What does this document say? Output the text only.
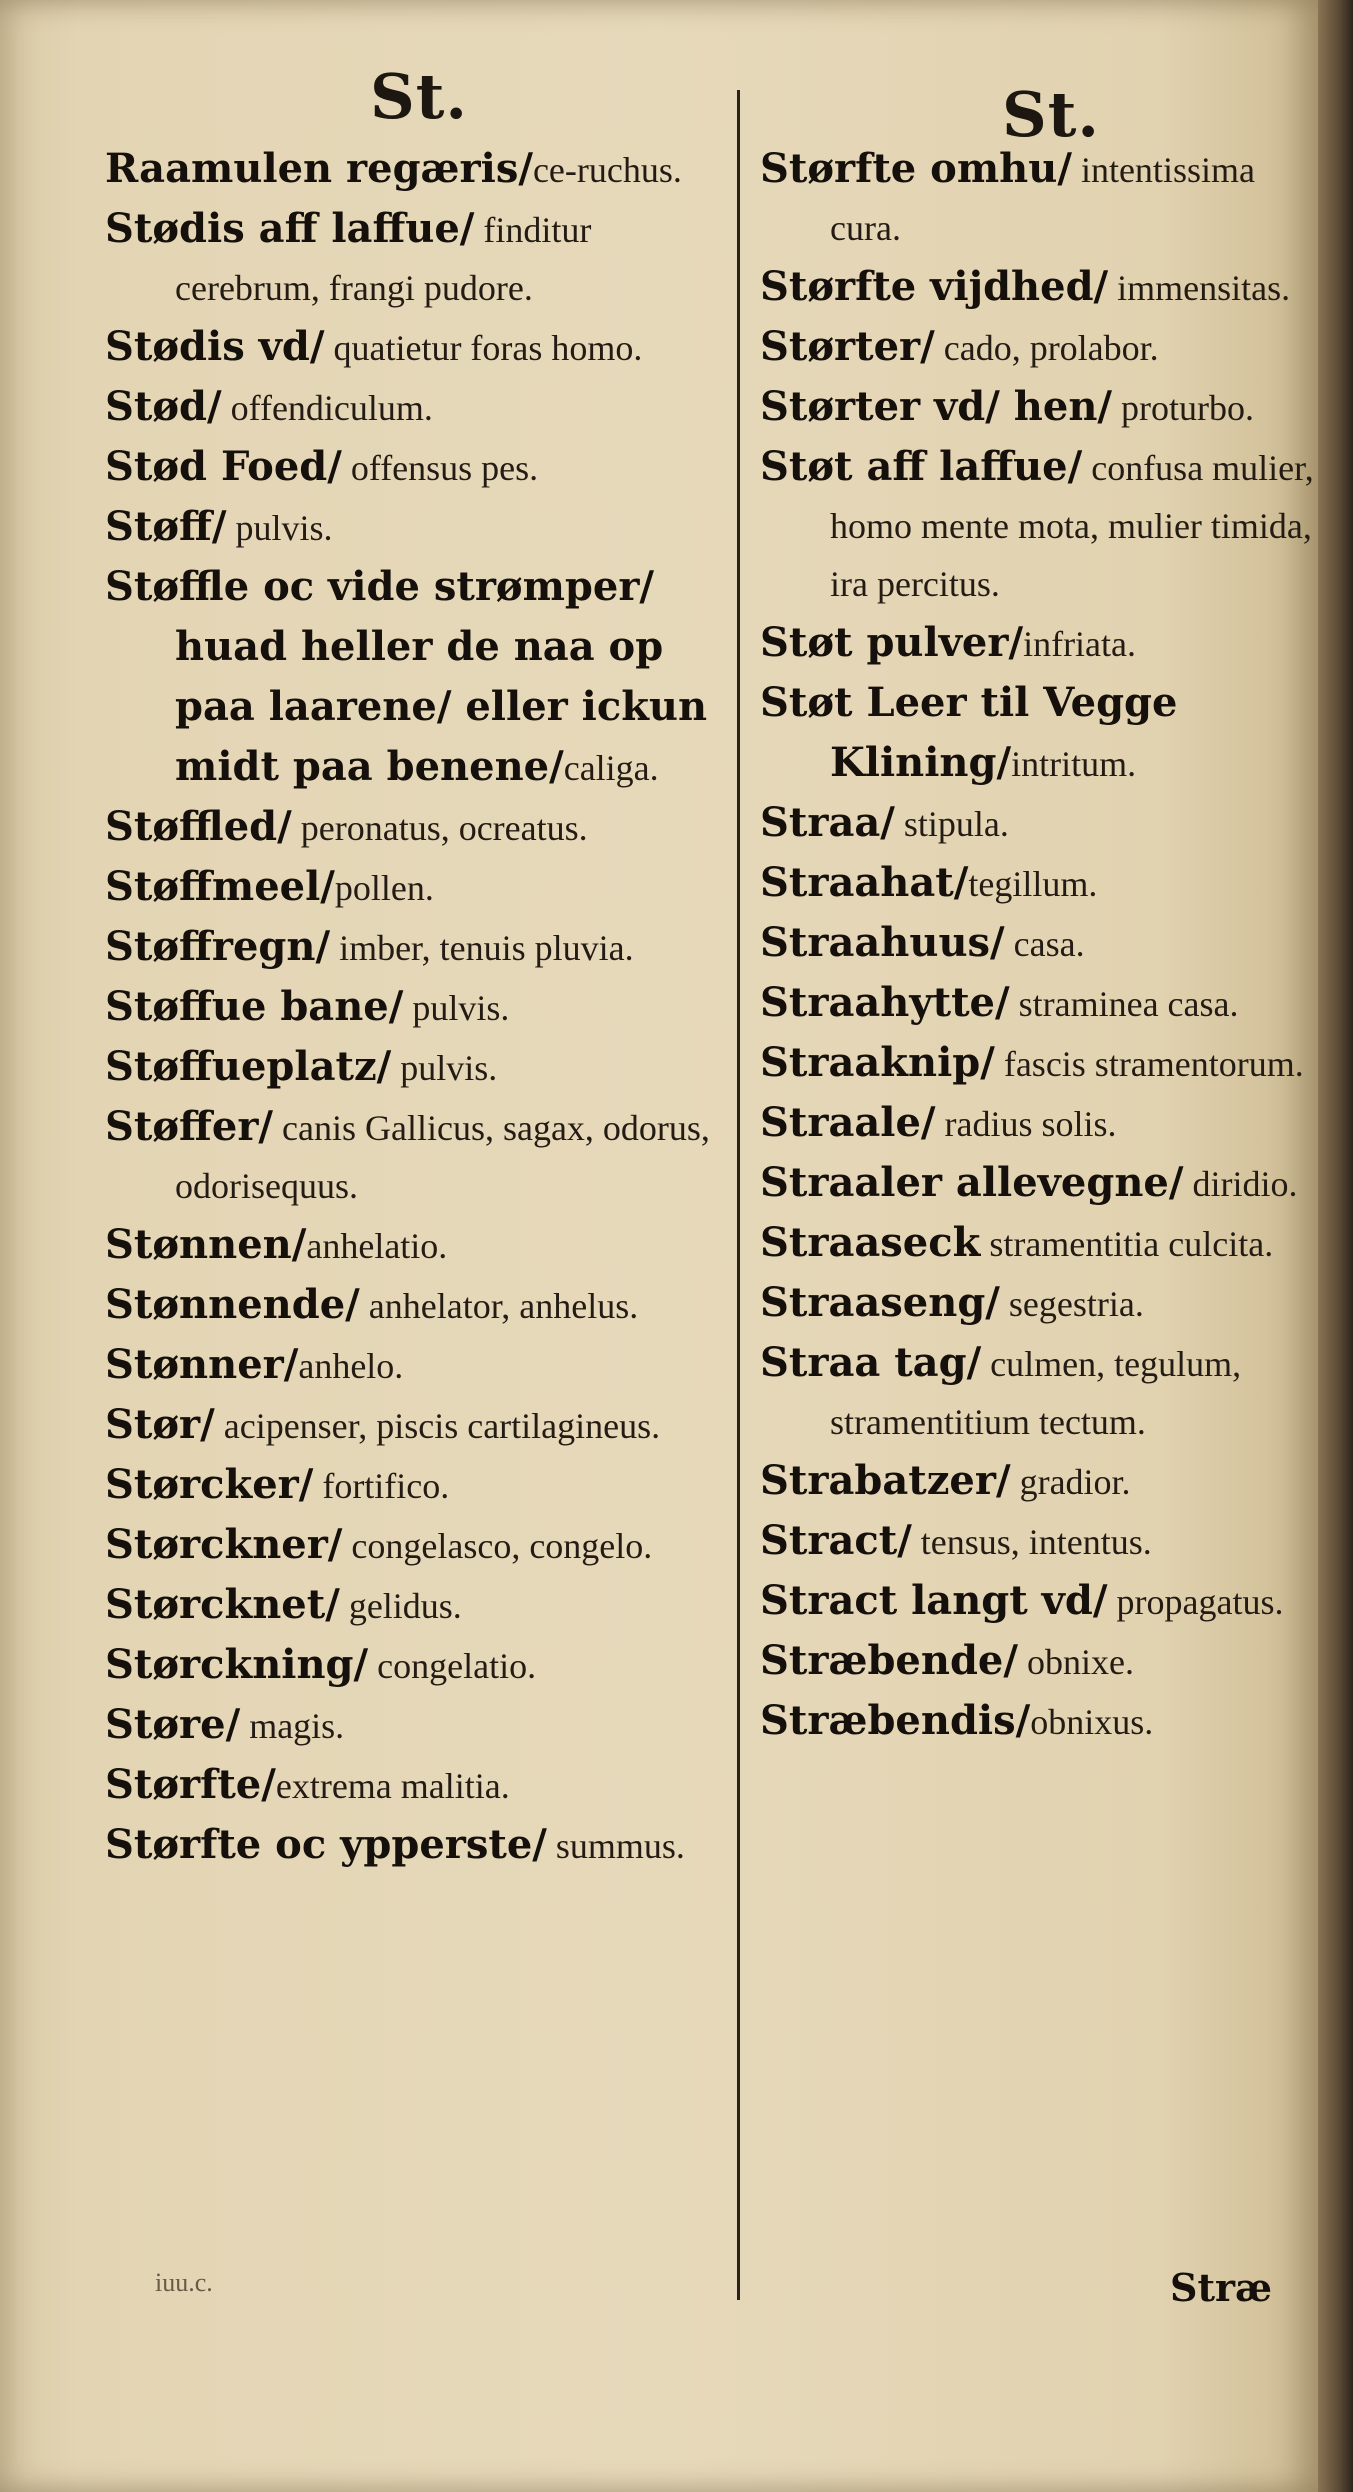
St.	St.

Raamulen regæris/ce-ruchus.

Stødis aff laffue/ finditur cerebrum, frangi pudore.

Stødis vd/ quatietur foras homo.

Stød/ offendiculum.

Stød Foed/ offensus pes.

Støff/ pulvis.

Støffle oc vide strømper/ huad heller de naa op paa laarene/ eller ickun midt paa benene/caliga.

Støffled/ peronatus, ocreatus.

Støffmeel/pollen.

Støffregn/ imber, tenuis pluvia.

Støffue bane/ pulvis.

Støffueplatz/ pulvis.

Støffer/ canis Gallicus, sagax, odorus, odorisequus.

Stønnen/anhelatio.

Stønnende/ anhelator, anhelus.

Stønner/anhelo.

Stør/ acipenser, piscis cartilagineus.

Størcker/ fortifico.

Størckner/ congelasco, congelo.

Størcknet/ gelidus.

Størckning/ congelatio.

Støre/ magis.

Størfte/extrema malitia.

Størfte oc ypperste/ summus.

Størfte omhu/ intentissima cura.

Størfte vijdhed/ immensitas.

Størter/ cado, prolabor.

Størter vd/ hen/ proturbo.

Støt aff laffue/ confusa mulier, homo mente mota, mulier timida, ira percitus.

Støt pulver/infriata.

Støt Leer til Vegge Klining/intritum.

Straa/ stipula.

Straahat/tegillum.

Straahuus/ casa.

Straahytte/ straminea casa.

Straaknip/ fascis stramentorum.

Straale/ radius solis.

Straaler allevegne/ diridio.

Straaseck stramentitia culcita.

Straaseng/ segestria.

Straa tag/ culmen, tegulum, stramentitium tectum.

Strabatzer/ gradior.

Stract/ tensus, intentus.

Stract langt vd/ propagatus.

Stræbende/ obnixe.

Stræbendis/obnixus.

iuu.c.	Stræ
